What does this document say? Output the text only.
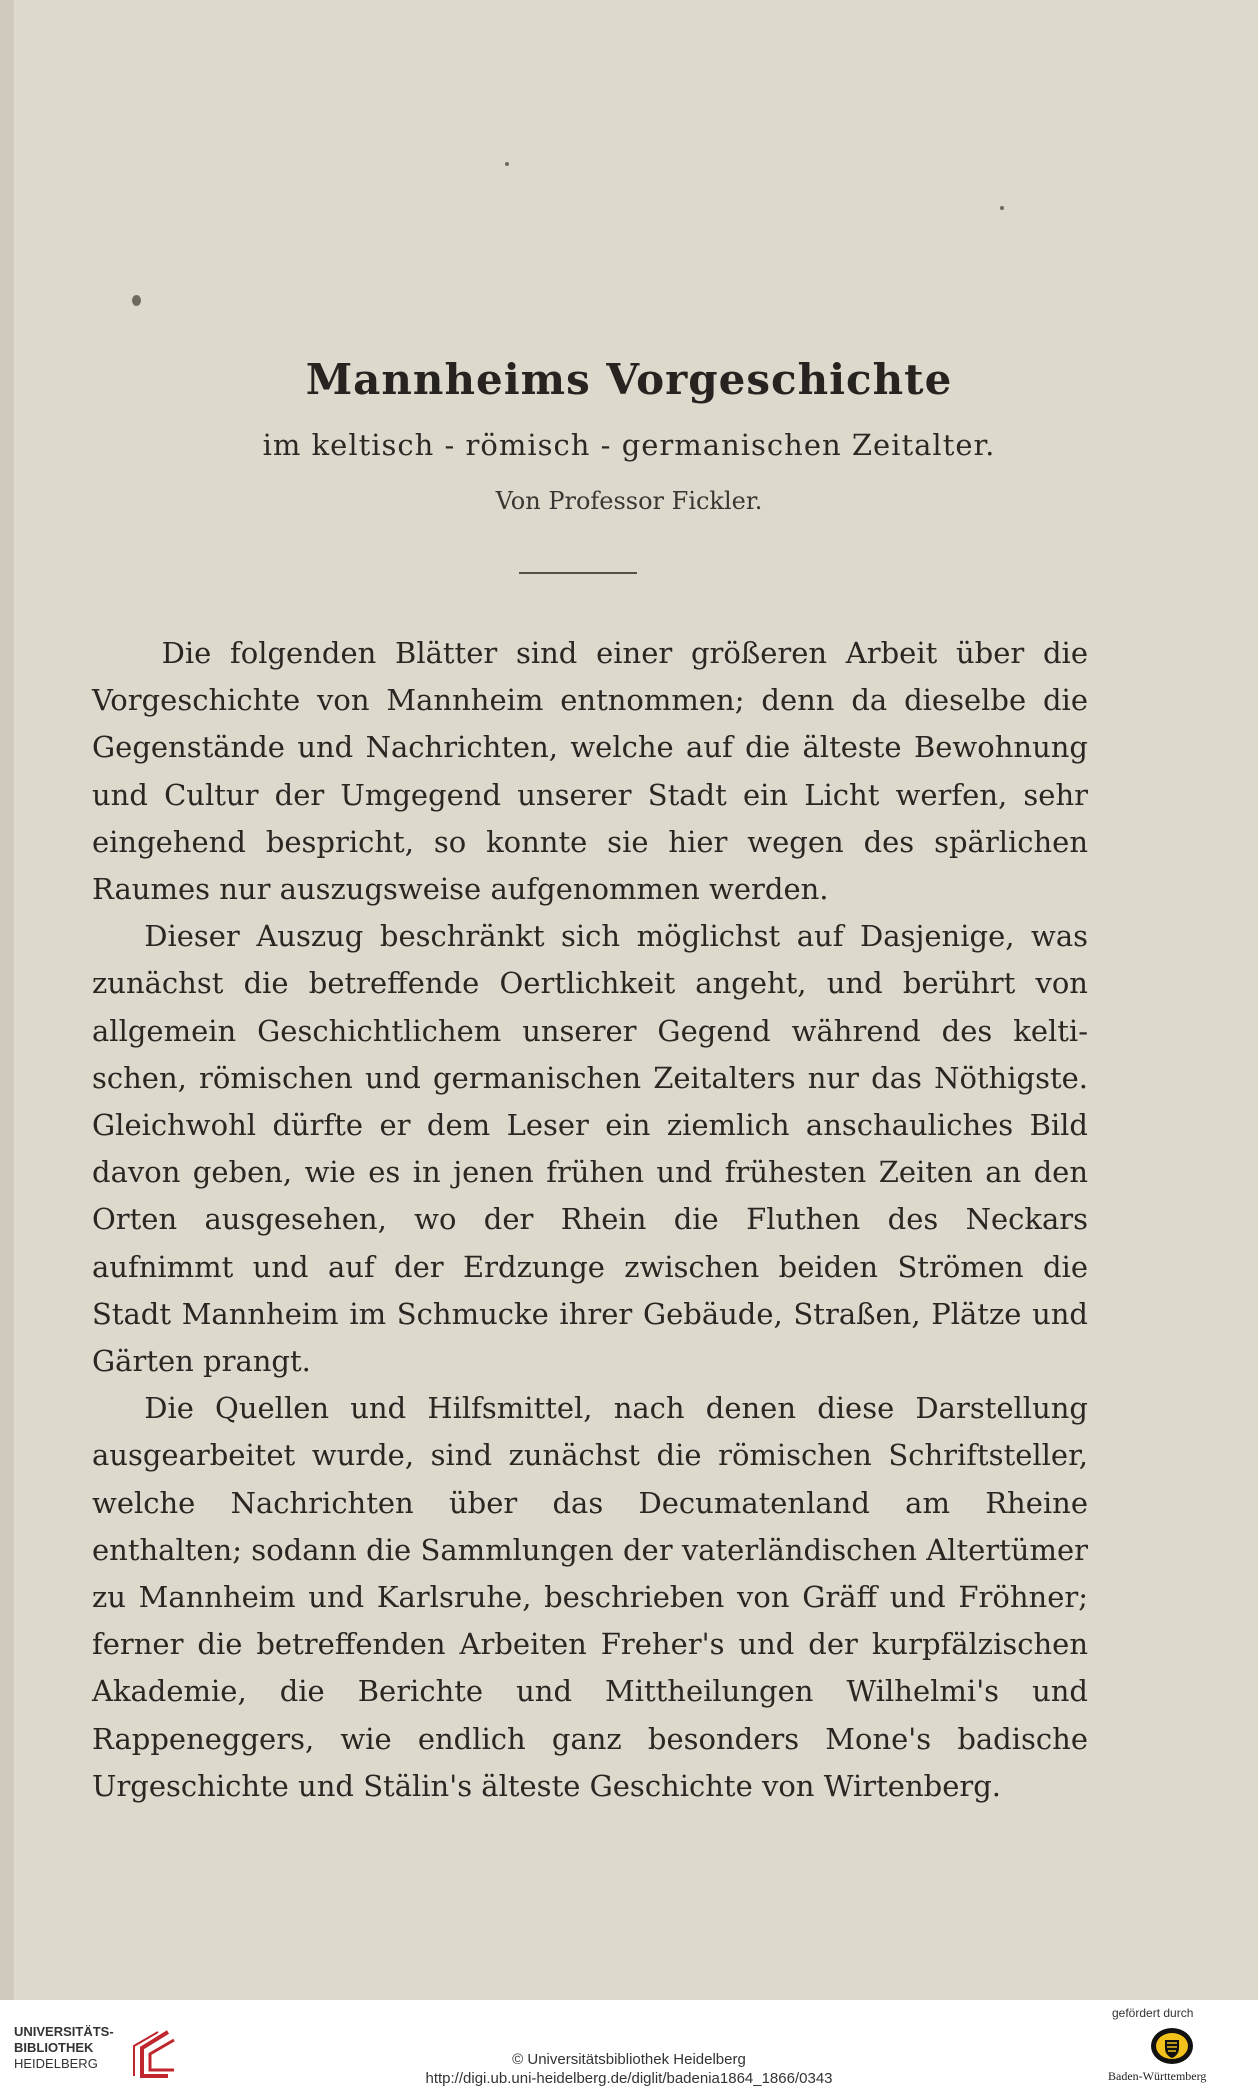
Mannheims Vorgeschichte
im keltisch - römisch - germanischen Zeitalter.
Von Professor Fickler.

Die folgenden Blätter sind einer größeren Arbeit über die Vorgeschichte von Mannheim entnommen; denn da dieselbe die Gegenstände und Nachrichten, welche auf die älteste Bewohnung und Cultur der Umgegend unserer Stadt ein Licht werfen, sehr eingehend bespricht, so konnte sie hier wegen des spärlichen Raumes nur auszugsweise aufgenommen werden.

Dieser Auszug beschränkt sich möglichst auf Dasjenige, was zunächst die betreffende Oertlichkeit angeht, und berührt von allgemein Geschichtlichem unserer Gegend während des keltischen, römischen und germanischen Zeitalters nur das Nöthigste. Gleichwohl dürfte er dem Leser ein ziemlich anschauliches Bild davon geben, wie es in jenen frühen und frühesten Zeiten an den Orten ausgesehen, wo der Rhein die Fluthen des Neckars aufnimmt und auf der Erdzunge zwischen beiden Strömen die Stadt Mannheim im Schmucke ihrer Gebäude, Straßen, Plätze und Gärten prangt.

Die Quellen und Hilfsmittel, nach denen diese Darstellung ausgearbeitet wurde, sind zunächst die römischen Schriftsteller, welche Nachrichten über das Decumatenland am Rheine enthalten; sodann die Sammlungen der vaterländischen Altertümer zu Mannheim und Karlsruhe, beschrieben von Gräff und Fröhner; ferner die betreffenden Arbeiten Freher's und der kurpfälzischen Akademie, die Berichte und Mittheilungen Wilhelmi's und Rappeneggers, wie endlich ganz besonders Mone's badische Urgeschichte und Stälin's älteste Geschichte von Wirtenberg.

UNIVERSITÄTS-
BIBLIOTHEK
HEIDELBERG	© Universitätsbibliothek Heidelberg
http://digi.ub.uni-heidelberg.de/diglit/badenia1864_1866/0343
gefördert durch
Baden-Württemberg
